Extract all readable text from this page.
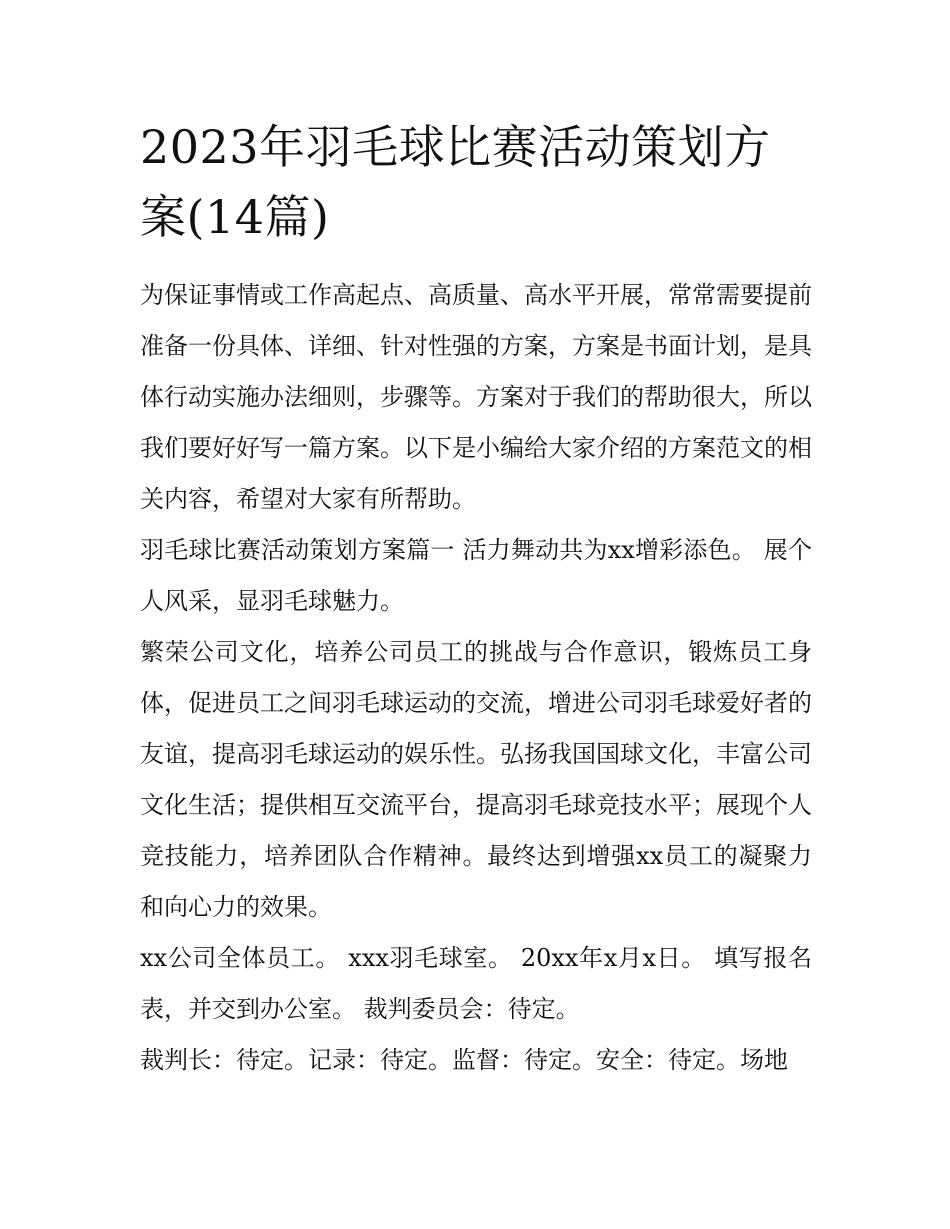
2023年羽毛球比赛活动策划方案(14篇)

为保证事情或工作高起点、高质量、高水平开展，常常需要提前准备一份具体、详细、针对性强的方案，方案是书面计划，是具体行动实施办法细则，步骤等。方案对于我们的帮助很大，所以我们要好好写一篇方案。以下是小编给大家介绍的方案范文的相关内容，希望对大家有所帮助。

羽毛球比赛活动策划方案篇一 活力舞动共为xx增彩添色。 展个人风采，显羽毛球魅力。

繁荣公司文化，培养公司员工的挑战与合作意识，锻炼员工身体，促进员工之间羽毛球运动的交流，增进公司羽毛球爱好者的友谊，提高羽毛球运动的娱乐性。弘扬我国国球文化，丰富公司文化生活；提供相互交流平台，提高羽毛球竞技水平；展现个人竞技能力，培养团队合作精神。最终达到增强xx员工的凝聚力和向心力的效果。

xx公司全体员工。 xxx羽毛球室。 20xx年x月x日。 填写报名表，并交到办公室。 裁判委员会：待定。

裁判长：待定。记录：待定。监督：待定。安全：待定。场地
